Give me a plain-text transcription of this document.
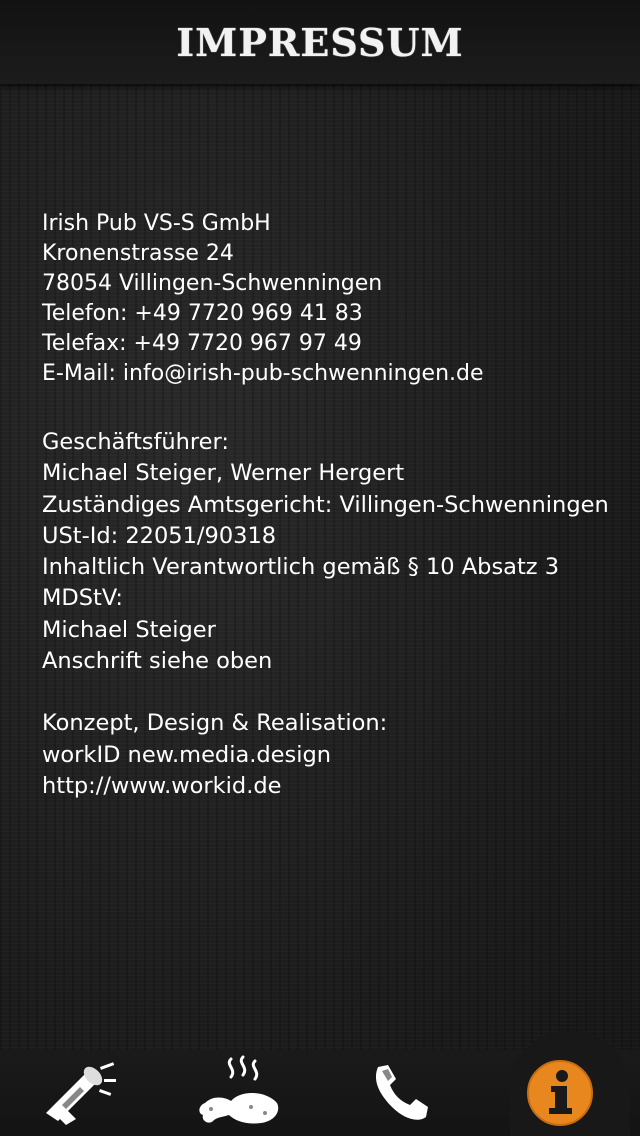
IMPRESSUM
Irish Pub VS-S GmbH
Kronenstrasse 24
78054 Villingen-Schwenningen
Telefon: +49 7720 969 41 83
Telefax: +49 7720 967 97 49
E-Mail: info@irish-pub-schwenningen.de
Geschäftsführer:
Michael Steiger, Werner Hergert
Zuständiges Amtsgericht: Villingen-Schwenningen
USt-Id: 22051/90318
Inhaltlich Verantwortlich gemäß § 10 Absatz 3
MDStV:
Michael Steiger
Anschrift siehe oben
Konzept, Design & Realisation:
workID new.media.design
http://www.workid.de
